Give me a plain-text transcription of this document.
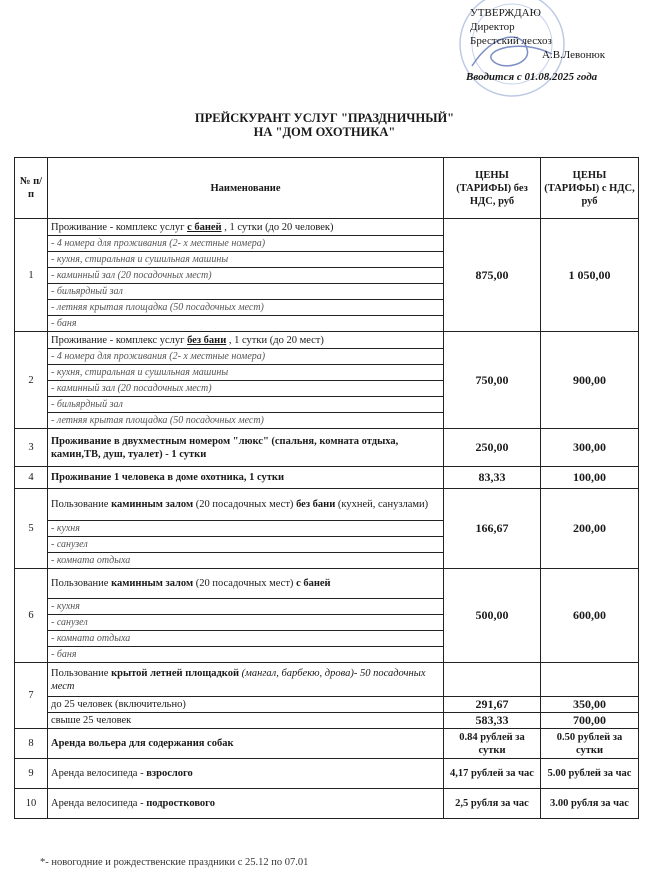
УТВЕРЖДАЮ
Директор
Брестский лесхоз
А.В.Левонюк
Вводится с 01.08.2025 года
ПРЕЙСКУРАНТ УСЛУГ "ПРАЗДНИЧНЫЙ"
НА "ДОМ ОХОТНИКА"
№ п/п	Наименование	ЦЕНЫ (ТАРИФЫ) без НДС, руб	ЦЕНЫ (ТАРИФЫ) с НДС, руб
1	Проживание - комплекс услуг с баней , 1 сутки (до 20 человек)	875,00	1 050,00
	- 4 номера для проживания (2- х местные номера)		
	- кухня, стиральная и сушильная машины		
	- каминный зал (20 посадочных мест)		
	- бильярдный зал		
	- летняя крытая площадка (50 посадочных мест)		
	- баня		
2	Проживание - комплекс услуг без бани , 1 сутки (до 20 мест)	750,00	900,00
	- 4 номера для проживания (2- х местные номера)		
	- кухня, стиральная и сушильная машины		
	- каминный зал (20 посадочных мест)		
	- бильярдный зал		
	- летняя крытая площадка (50 посадочных мест)		
3	Проживание в двухместным номером "люкс" (спальня, комната отдыха, камин,ТВ, душ, туалет) - 1 сутки	250,00	300,00
4	Проживание 1 человека в доме охотника, 1 сутки	83,33	100,00
5	Пользование каминным залом (20 посадочных мест) без бани (кухней, санузлами)	166,67	200,00
	- кухня		
	- санузел		
	- комната отдыха		
6	Пользование каминным залом (20 посадочных мест) с баней	500,00	600,00
	- кухня		
	- санузел		
	- комната отдыха		
	- баня		
7	Пользование крытой летней площадкой (мангал, барбекю, дрова)- 50 посадочных мест		
	до 25 человек (включительно)	291,67	350,00
	свыше 25 человек	583,33	700,00
8	Аренда вольера для содержания собак	0.84 рублей за сутки	0.50 рублей за сутки
9	Аренда велосипеда - взрослого	4,17 рублей за час	5.00 рублей за час
10	Аренда велосипеда - подросткового	2,5 рубля за час	3.00 рубля за час
*- новогодние и рождественские праздники с 25.12 по 07.01
